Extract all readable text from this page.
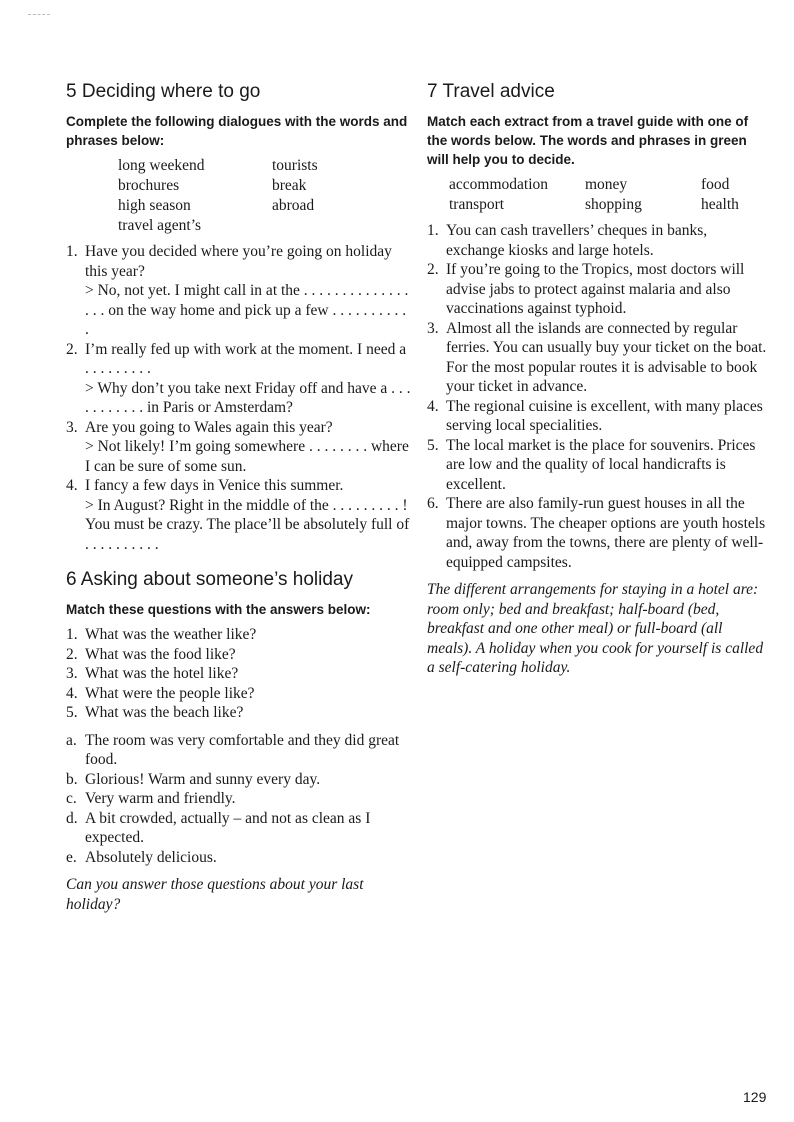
5 Deciding where to go

Complete the following dialogues with the words and phrases below:

long weekend	tourists
brochures	break
high season	abroad
travel agent’s
1. Have you decided where you’re going on holiday this year?
> No, not yet. I might call in at the . . . . . . . . . . . . . . . . . on the way home and pick up a few . . . . . . . . . . .
2. I’m really fed up with work at the moment. I need a . . . . . . . . .
> Why don’t you take next Friday off and have a . . . . . . . . . . . in Paris or Amsterdam?
3. Are you going to Wales again this year?
> Not likely! I’m going somewhere . . . . . . . . where I can be sure of some sun.
4. I fancy a few days in Venice this summer.
> In August? Right in the middle of the . . . . . . . . . ! You must be crazy. The place’ll be absolutely full of . . . . . . . . . .
6 Asking about someone’s holiday

Match these questions with the answers below:

1. What was the weather like?
2. What was the food like?
3. What was the hotel like?
4. What were the people like?
5. What was the beach like?
a. The room was very comfortable and they did great food.
b. Glorious! Warm and sunny every day.
c. Very warm and friendly.
d. A bit crowded, actually – and not as clean as I expected.
e. Absolutely delicious.

Can you answer those questions about your last holiday?

7 Travel advice

Match each extract from a travel guide with one of the words below. The words and phrases in green will help you to decide.

accommodation	money	food
transport	shopping	health
1. You can cash travellers’ cheques in banks, exchange kiosks and large hotels.
2. If you’re going to the Tropics, most doctors will advise jabs to protect against malaria and also vaccinations against typhoid.
3. Almost all the islands are connected by regular ferries. You can usually buy your ticket on the boat. For the most popular routes it is advisable to book your ticket in advance.
4. The regional cuisine is excellent, with many places serving local specialities.
5. The local market is the place for souvenirs. Prices are low and the quality of local handicrafts is excellent.
6. There are also family-run guest houses in all the major towns. The cheaper options are youth hostels and, away from the towns, there are plenty of well-equipped campsites.

The different arrangements for staying in a hotel are: room only; bed and breakfast; half-board (bed, breakfast and one other meal) or full-board (all meals). A holiday when you cook for yourself is called a self-catering holiday.

129
